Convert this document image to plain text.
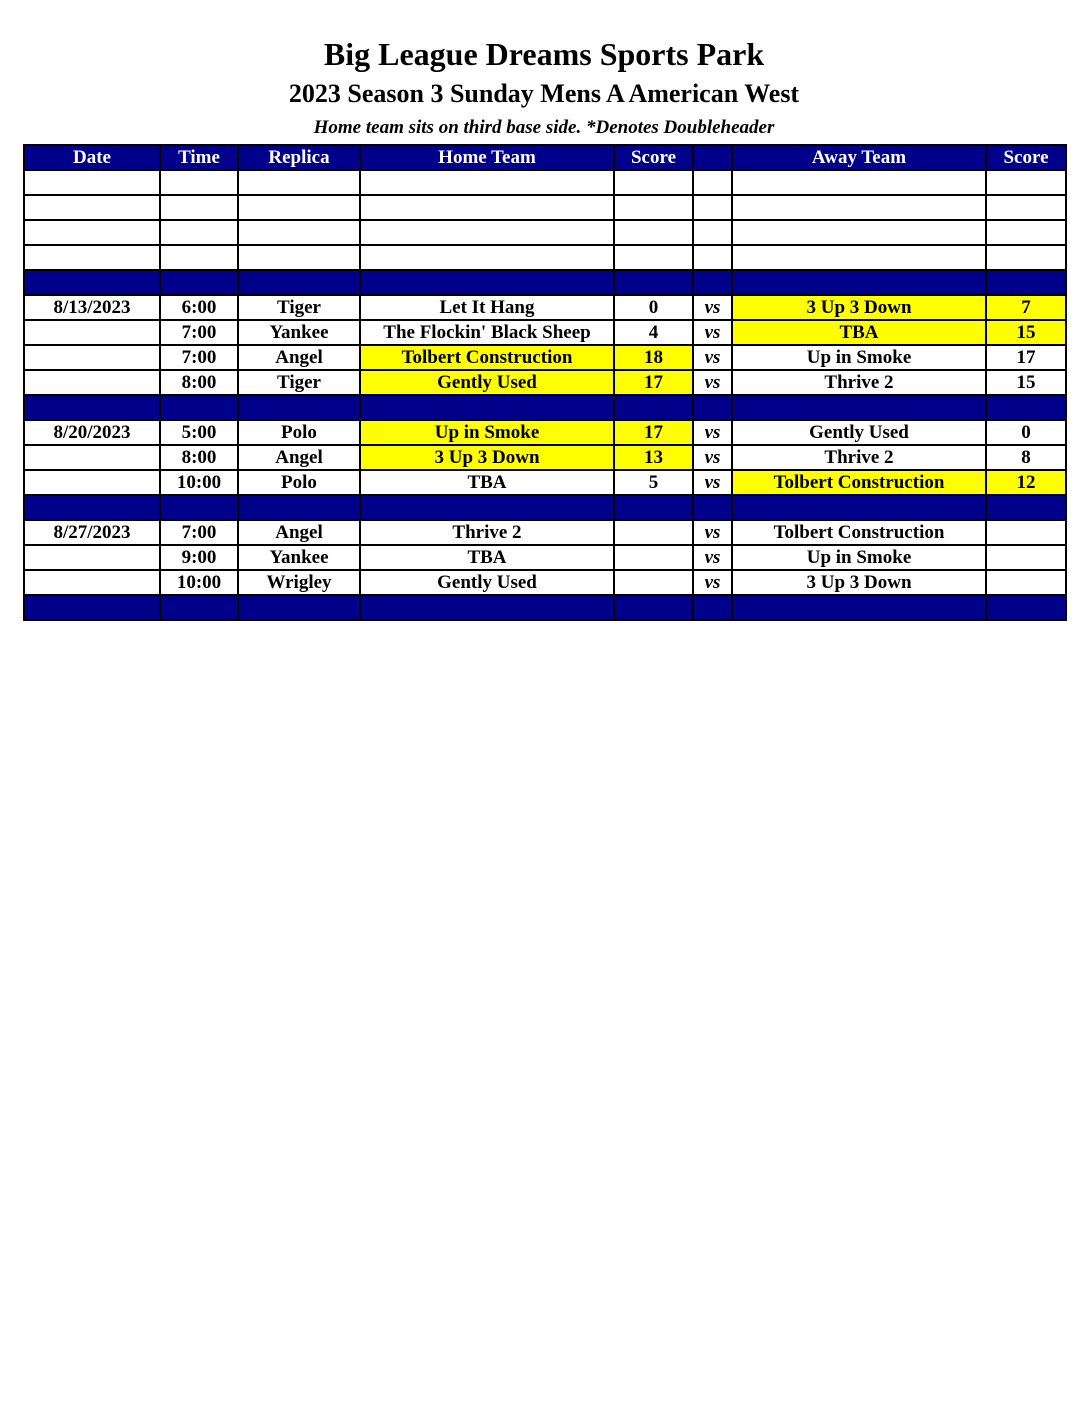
Big League Dreams Sports Park
2023 Season 3 Sunday Mens A American West

Home team sits on third base side. *Denotes Doubleheader

Date	Time	Replica	Home Team	Score		Away Team	Score

8/13/2023	6:00	Tiger	Let It Hang	0	vs	3 Up 3 Down	7
	7:00	Yankee	The Flockin' Black Sheep	4	vs	TBA	15
	7:00	Angel	Tolbert Construction	18	vs	Up in Smoke	17
	8:00	Tiger	Gently Used	17	vs	Thrive 2	15

8/20/2023	5:00	Polo	Up in Smoke	17	vs	Gently Used	0
	8:00	Angel	3 Up 3 Down	13	vs	Thrive 2	8
	10:00	Polo	TBA	5	vs	Tolbert Construction	12

8/27/2023	7:00	Angel	Thrive 2		vs	Tolbert Construction	
	9:00	Yankee	TBA		vs	Up in Smoke	
	10:00	Wrigley	Gently Used		vs	3 Up 3 Down	
